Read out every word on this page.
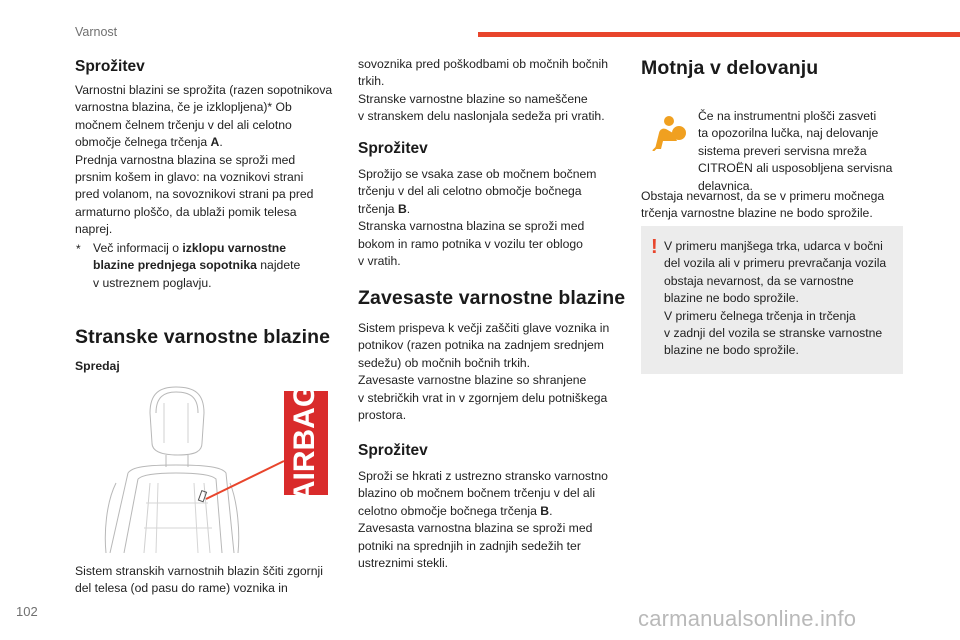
Varnost
Sprožitev
Varnostni blazini se sprožita (razen sopotnikova
varnostna blazina, če je izklopljena)* Ob
močnem čelnem trčenju v del ali celotno
območje čelnega trčenja A.
Prednja varnostna blazina se sproži med
prsnim košem in glavo: na voznikovi strani
pred volanom, na sovoznikovi strani pa pred
armaturno ploščo, da ublaži pomik telesa
naprej.
* Več informacij o izklopu varnostne
blazine prednjega sopotnika najdete
v ustreznem poglavju.
Stranske varnostne blazine
Spredaj
AIRBAG
Sistem stranskih varnostnih blazin ščiti zgornji
del telesa (od pasu do rame) voznika in
sovoznika pred poškodbami ob močnih bočnih
trkih.
Stranske varnostne blazine so nameščene
v stranskem delu naslonjala sedeža pri vratih.
Sprožitev
Sprožijo se vsaka zase ob močnem bočnem
trčenju v del ali celotno območje bočnega
trčenja B.
Stranska varnostna blazina se sproži med
bokom in ramo potnika v vozilu ter oblogo
v vratih.
Zavesaste varnostne blazine
Sistem prispeva k večji zaščiti glave voznika in
potnikov (razen potnika na zadnjem srednjem
sedežu) ob močnih bočnih trkih.
Zavesaste varnostne blazine so shranjene
v stebričkih vrat in v zgornjem delu potniškega
prostora.
Sprožitev
Sproži se hkrati z ustrezno stransko varnostno
blazino ob močnem bočnem trčenju v del ali
celotno območje bočnega trčenja B.
Zavesasta varnostna blazina se sproži med
potniki na sprednjih in zadnjih sedežih ter
ustreznimi stekli.
Motnja v delovanju
Če na instrumentni plošči zasveti
ta opozorilna lučka, naj delovanje
sistema preveri servisna mreža
CITROËN ali usposobljena servisna
delavnica.
Obstaja nevarnost, da se v primeru močnega
trčenja varnostne blazine ne bodo sprožile.
! V primeru manjšega trka, udarca v bočni
del vozila ali v primeru prevračanja vozila
obstaja nevarnost, da se varnostne
blazine ne bodo sprožile.
V primeru čelnega trčenja in trčenja
v zadnji del vozila se stranske varnostne
blazine ne bodo sprožile.
102	carmanualsonline.info
